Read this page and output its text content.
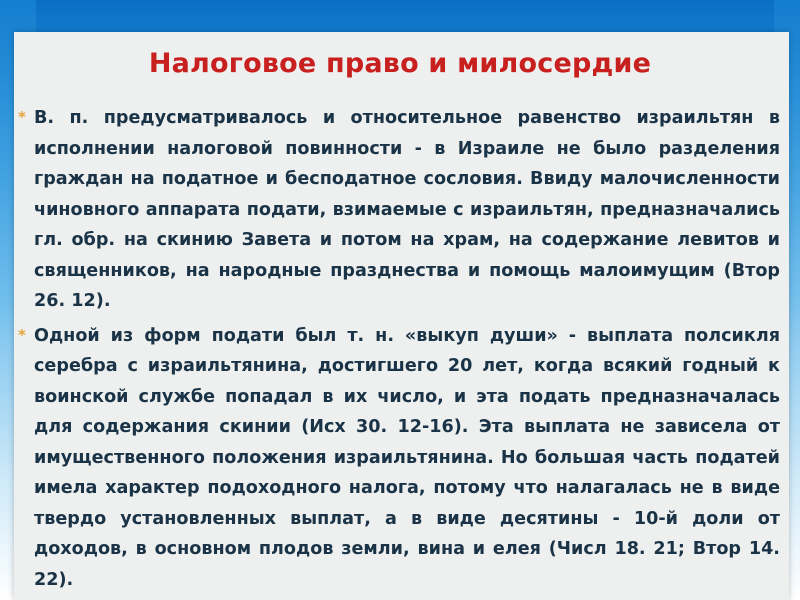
Налоговое право и милосердие
* В. п. предусматривалось и относительное равенство израильтян в исполнении налоговой повинности - в Израиле не было разделения граждан на податное и бесподатное сословия. Ввиду малочисленности чиновного аппарата подати, взимаемые с израильтян, предназначались гл. обр. на скинию Завета и потом на храм, на содержание левитов и священников, на народные празднества и помощь малоимущим (Втор 26. 12).
* Одной из форм подати был т. н. «выкуп души» - выплата полсикля серебра с израильтянина, достигшего 20 лет, когда всякий годный к воинской службе попадал в их число, и эта подать предназначалась для содержания скинии (Исх 30. 12-16). Эта выплата не зависела от имущественного положения израильтянина. Но большая часть податей имела характер подоходного налога, потому что налагалась не в виде твердо установленных выплат, а в виде десятины - 10-й доли от доходов, в основном плодов земли, вина и елея (Числ 18. 21; Втор 14. 22).
